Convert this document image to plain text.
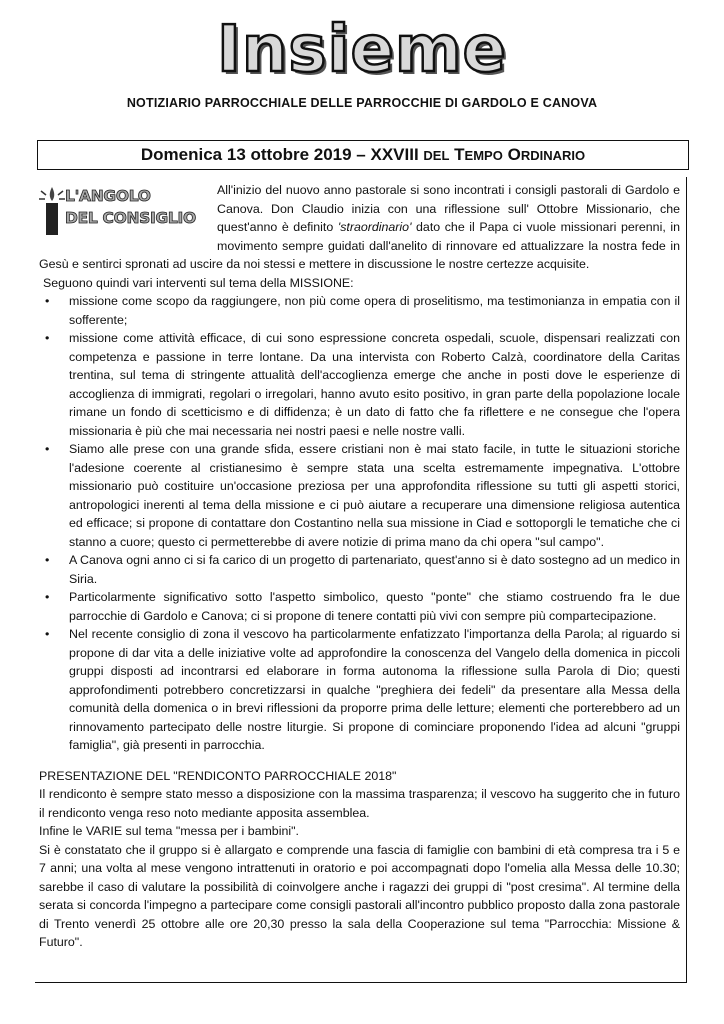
Insieme
NOTIZIARIO PARROCCHIALE DELLE PARROCCHIE DI GARDOLO E CANOVA
Domenica 13 ottobre 2019 – XXVIII DEL TEMPO ORDINARIO
L'ANGOLO
DEL CONSIGLIO

All'inizio del nuovo anno pastorale si sono incontrati i consigli pastorali di Gardolo e Canova. Don Claudio inizia con una riflessione sull' Ottobre Missionario, che quest'anno è definito 'straordinario' dato che il Papa ci vuole missionari perenni, in movimento sempre guidati dall'anelito di rinnovare ed attualizzare la nostra fede in Gesù e sentirci spronati ad uscire da noi stessi e mettere in discussione le nostre certezze acquisite.

Seguono quindi vari interventi sul tema della MISSIONE:

• missione come scopo da raggiungere, non più come opera di proselitismo, ma testimonianza in empatia con il sofferente;
• missione come attività efficace, di cui sono espressione concreta ospedali, scuole, dispensari realizzati con competenza e passione in terre lontane. Da una intervista con Roberto Calzà, coordinatore della Caritas trentina, sul tema di stringente attualità dell'accoglienza emerge che anche in posti dove le esperienze di accoglienza di immigrati, regolari o irregolari, hanno avuto esito positivo, in gran parte della popolazione locale rimane un fondo di scetticismo e di diffidenza; è un dato di fatto che fa riflettere e ne consegue che l'opera missionaria è più che mai necessaria nei nostri paesi e nelle nostre valli.
• Siamo alle prese con una grande sfida, essere cristiani non è mai stato facile, in tutte le situazioni storiche l'adesione coerente al cristianesimo è sempre stata una scelta estremamente impegnativa. L'ottobre missionario può costituire un'occasione preziosa per una approfondita riflessione su tutti gli aspetti storici, antropologici inerenti al tema della missione e ci può aiutare a recuperare una dimensione religiosa autentica ed efficace; si propone di contattare don Costantino nella sua missione in Ciad e sottoporgli le tematiche che ci stanno a cuore; questo ci permetterebbe di avere notizie di prima mano da chi opera "sul campo".
• A Canova ogni anno ci si fa carico di un progetto di partenariato, quest'anno si è dato sostegno ad un medico in Siria.
• Particolarmente significativo sotto l'aspetto simbolico, questo "ponte" che stiamo costruendo fra le due parrocchie di Gardolo e Canova; ci si propone di tenere contatti più vivi con sempre più compartecipazione.
• Nel recente consiglio di zona il vescovo ha particolarmente enfatizzato l'importanza della Parola; al riguardo si propone di dar vita a delle iniziative volte ad approfondire la conoscenza del Vangelo della domenica in piccoli gruppi disposti ad incontrarsi ed elaborare in forma autonoma la riflessione sulla Parola di Dio; questi approfondimenti potrebbero concretizzarsi in qualche "preghiera dei fedeli" da presentare alla Messa della comunità della domenica o in brevi riflessioni da proporre prima delle letture; elementi che porterebbero ad un rinnovamento partecipato delle nostre liturgie. Si propone di cominciare proponendo l'idea ad alcuni "gruppi famiglia", già presenti in parrocchia.

PRESENTAZIONE DEL "RENDICONTO PARROCCHIALE 2018"

Il rendiconto è sempre stato messo a disposizione con la massima trasparenza; il vescovo ha suggerito che in futuro il rendiconto venga reso noto mediante apposita assemblea.

Infine le VARIE sul tema "messa per i bambini".

Si è constatato che il gruppo si è allargato e comprende una fascia di famiglie con bambini di età compresa tra i 5 e 7 anni; una volta al mese vengono intrattenuti in oratorio e poi accompagnati dopo l'omelia alla Messa delle 10.30; sarebbe il caso di valutare la possibilità di coinvolgere anche i ragazzi dei gruppi di "post cresima". Al termine della serata si concorda l'impegno a partecipare come consigli pastorali all'incontro pubblico proposto dalla zona pastorale di Trento venerdì 25 ottobre alle ore 20,30 presso la sala della Cooperazione sul tema "Parrocchia: Missione & Futuro".
